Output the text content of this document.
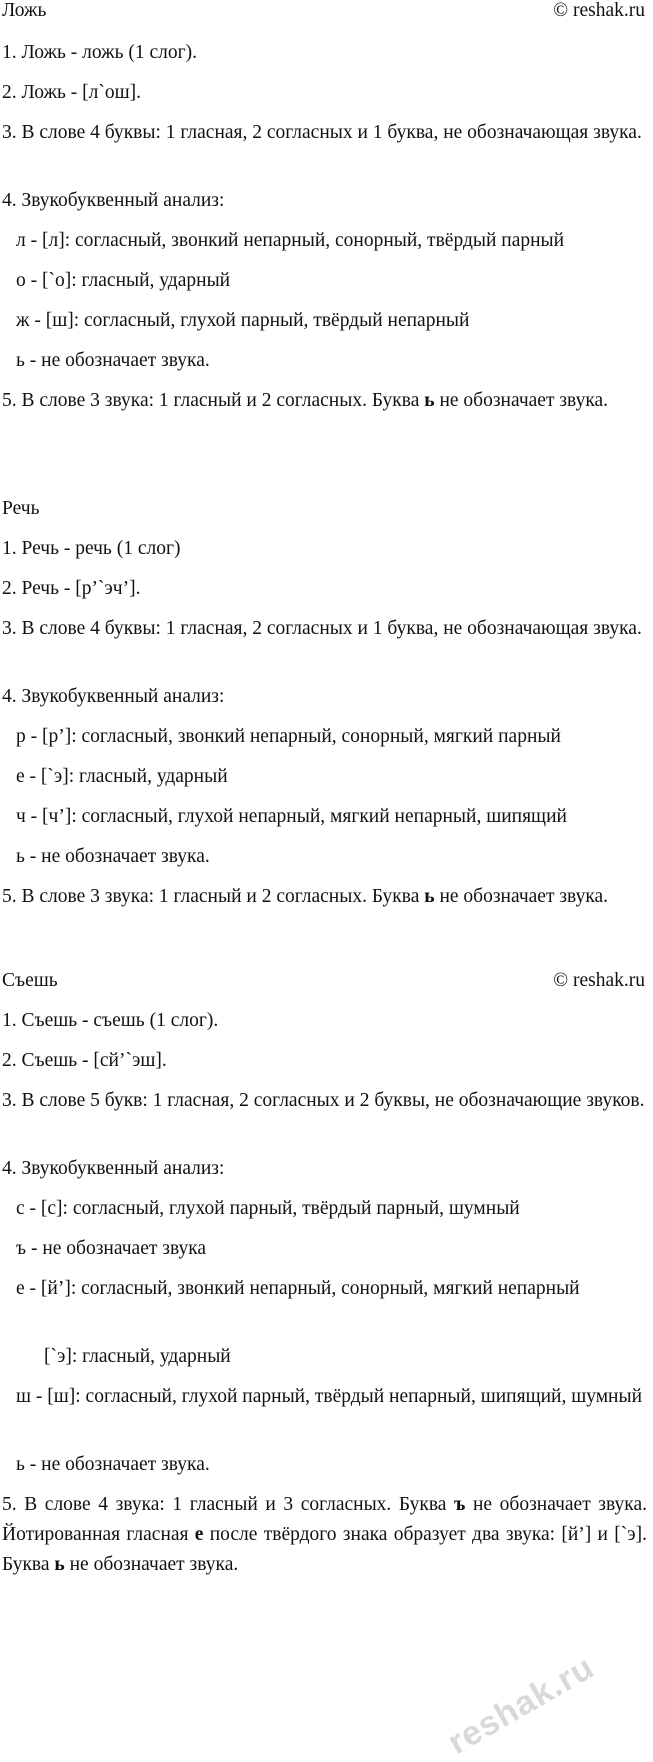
Ложь	© reshak.ru
1. Ложь - ложь (1 слог).
2. Ложь - [л`ош].
3. В слове 4 буквы: 1 гласная, 2 согласных и 1 буква, не обозначающая звука.
4. Звукобуквенный анализ:
л - [л]: согласный, звонкий непарный, сонорный, твёрдый парный
о - [`о]: гласный, ударный
ж - [ш]: согласный, глухой парный, твёрдый непарный
ь - не обозначает звука.
5. В слове 3 звука: 1 гласный и 2 согласных. Буква ь не обозначает звука.
Речь
1. Речь - речь (1 слог)
2. Речь - [р’`эч’].
3. В слове 4 буквы: 1 гласная, 2 согласных и 1 буква, не обозначающая звука.
4. Звукобуквенный анализ:
р - [р’]: согласный, звонкий непарный, сонорный, мягкий парный
е - [`э]: гласный, ударный
ч - [ч’]: согласный, глухой непарный, мягкий непарный, шипящий
ь - не обозначает звука.
5. В слове 3 звука: 1 гласный и 2 согласных. Буква ь не обозначает звука.
Съешь	© reshak.ru
1. Съешь - съешь (1 слог).
2. Съешь - [сй’`эш].
3. В слове 5 букв: 1 гласная, 2 согласных и 2 буквы, не обозначающие звуков.
4. Звукобуквенный анализ:
с - [с]: согласный, глухой парный, твёрдый парный, шумный
ъ - не обозначает звука
е - [й’]: согласный, звонкий непарный, сонорный, мягкий непарный
[`э]: гласный, ударный
ш - [ш]: согласный, глухой парный, твёрдый непарный, шипящий, шумный
ь - не обозначает звука.
5. В слове 4 звука: 1 гласный и 3 согласных. Буква ъ не обозначает звука. Йотированная гласная е после твёрдого знака образует два звука: [й’] и [`э]. Буква ь не обозначает звука.
reshak.ru
